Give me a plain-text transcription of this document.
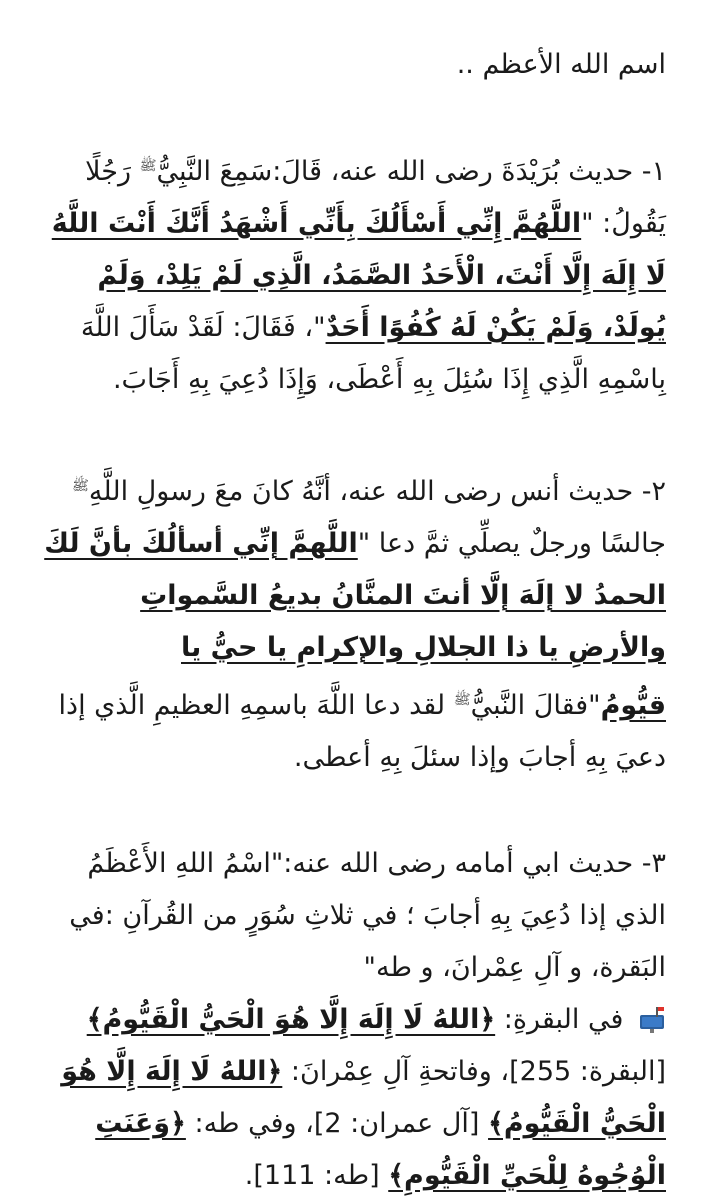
اسم الله الأعظم ..
١- حديث بُرَيْدَةَ رضى الله عنه، قَالَ:سَمِعَ النَّبِيُّ$^ﷺ$ رَجُلًا يَقُولُ: "اللَّهُمَّ إِنِّي أَسْأَلُكَ بِأَنِّي أَشْهَدُ أَنَّكَ أَنْتَ اللَّهُ لَا إِلَهَ إِلَّا أَنْتَ، الْأَحَدُ الصَّمَدُ، الَّذِي لَمْ يَلِدْ، وَلَمْ يُولَدْ، وَلَمْ يَكُنْ لَهُ كُفُوًا أَحَدٌ"، فَقَالَ: لَقَدْ سَأَلَ اللَّهَ بِاسْمِهِ الَّذِي إِذَا سُئِلَ بِهِ أَعْطَى، وَإِذَا دُعِيَ بِهِ أَجَابَ.
٢- حديث أنس رضى الله عنه، أنَّهُ كانَ معَ رسولِ اللَّهِ$^ﷺ$ جالسًا ورجلٌ يصلِّي ثمَّ دعا "اللَّهمَّ إنِّي أسألُكَ بأنَّ لَكَ الحمدُ لا إلَهَ إلَّا أنتَ المنَّانُ بديعُ السَّمواتِ والأرضِ يا ذا الجلالِ والإكرامِ يا حيُّ يا قيُّومُ"فقالَ النَّبيُّ$^ﷺ$ لقد دعا اللَّهَ باسمِهِ العظيمِ الَّذي إذا دعيَ بِهِ أجابَ وإذا سئلَ بِهِ أعطى.
٣- حديث ابي أمامه رضى الله عنه:"اسْمُ اللهِ الأَعْظَمُ الذي إذا دُعِيَ بِهِ أجابَ ؛ في ثلاثِ سُوَرٍ من القُرآنِ :في البَقرة، و آلِ عِمْرانَ، و طه"
في البقرةِ: ﴿اللهُ لَا إِلَهَ إِلَّا هُوَ الْحَيُّ الْقَيُّومُ﴾ [البقرة: 255]، وفاتحةِ آلِ عِمْرانَ: ﴿اللهُ لَا إِلَهَ إِلَّا هُوَ الْحَيُّ الْقَيُّومُ﴾ [آل عمران: 2]، وفي طه: ﴿وَعَنَتِ الْوُجُوهُ لِلْحَيِّ الْقَيُّومِ﴾ [طه: 111].
